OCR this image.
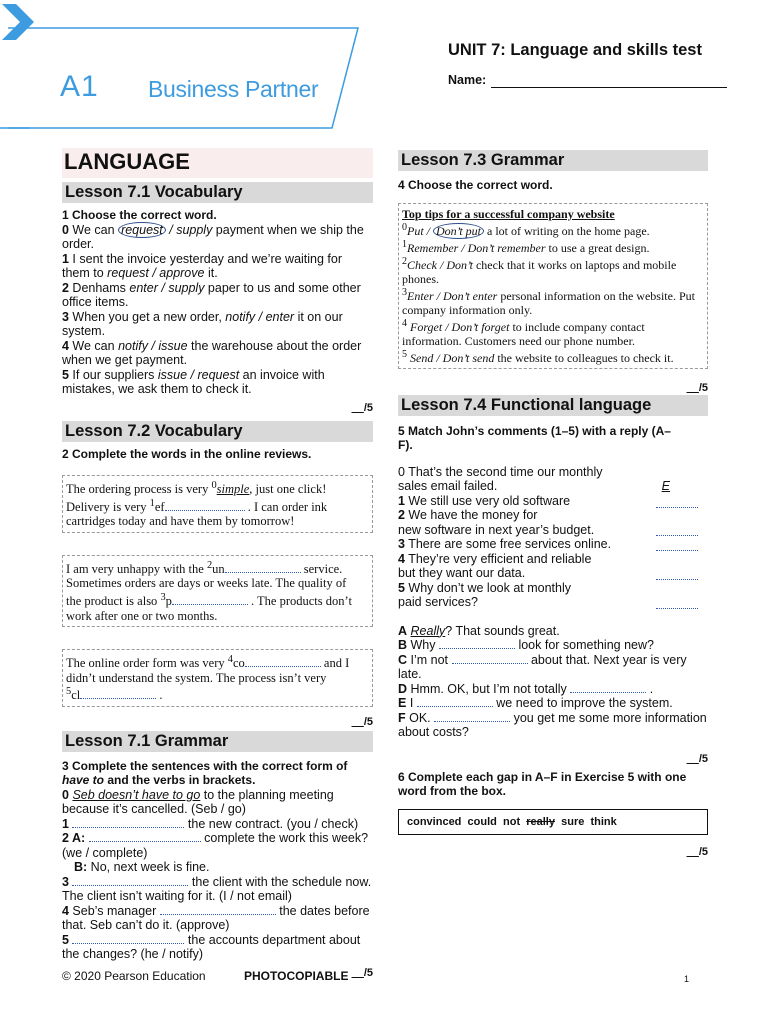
A1 Business Partner
UNIT 7: Language and skills test
Name:
LANGUAGE
Lesson 7.1 Vocabulary
1 Choose the correct word.
0 We can request / supply payment when we ship the order.
1 I sent the invoice yesterday and we’re waiting for them to request / approve it.
2 Denhams enter / supply paper to us and some other office items.
3 When you get a new order, notify / enter it on our system.
4 We can notify / issue the warehouse about the order when we get payment.
5 If our suppliers issue / request an invoice with mistakes, we ask them to check it.
__/5
Lesson 7.2 Vocabulary
2 Complete the words in the online reviews.
The ordering process is very $^0$simple, just one click!
Delivery is very $^1$ef	. I can order ink
cartridges today and have them by tomorrow!
I am very unhappy with the $^2$un	service.
Sometimes orders are days or weeks late. The quality of
the product is also $^3$p	. The products don’t
work after one or two months.
The online order form was very $^4$co	and I
didn’t understand the system. The process isn’t very
$^5$cl	.
__/5
Lesson 7.1 Grammar
3 Complete the sentences with the correct form of have to and the verbs in brackets.
0 Seb doesn’t have to go to the planning meeting because it’s cancelled. (Seb / go)
1	the new contract. (you / check)
2 A:	complete the work this week? (we / complete)
B: No, next week is fine.
3	the client with the schedule now. The client isn’t waiting for it. (I / not email)
4 Seb’s manager	the dates before that. Seb can’t do it. (approve)
5	the accounts department about the changes? (he / notify)
__/5
Lesson 7.3 Grammar
4 Choose the correct word.
Top tips for a successful company website
$^0$Put / Don’t put a lot of writing on the home page.
$^1$Remember / Don’t remember to use a great design.
$^2$Check / Don’t check that it works on laptops and mobile phones.
$^3$Enter / Don’t enter personal information on the website. Put company information only.
$^4$ Forget / Don’t forget to include company contact information. Customers need our phone number.
$^5$ Send / Don’t send the website to colleagues to check it.
__/5
Lesson 7.4 Functional language
5 Match John’s comments (1–5) with a reply (A–F).
0 That’s the second time our monthly
sales email failed.	E
1 We still use very old software
2 We have the money for
new software in next year’s budget.
3 There are some free services online.
4 They’re very efficient and reliable
but they want our data.
5 Why don’t we look at monthly
paid services?
A Really? That sounds great.
B Why	look for something new?
C I’m not	about that. Next year is very late.
D Hmm. OK, but I’m not totally	.
E I	we need to improve the system.
F OK.	you get me some more information about costs?
__/5
6 Complete each gap in A–F in Exercise 5 with one word from the box.
convinced could not really sure think
__/5
© 2020 Pearson Education	PHOTOCOPIABLE	1
